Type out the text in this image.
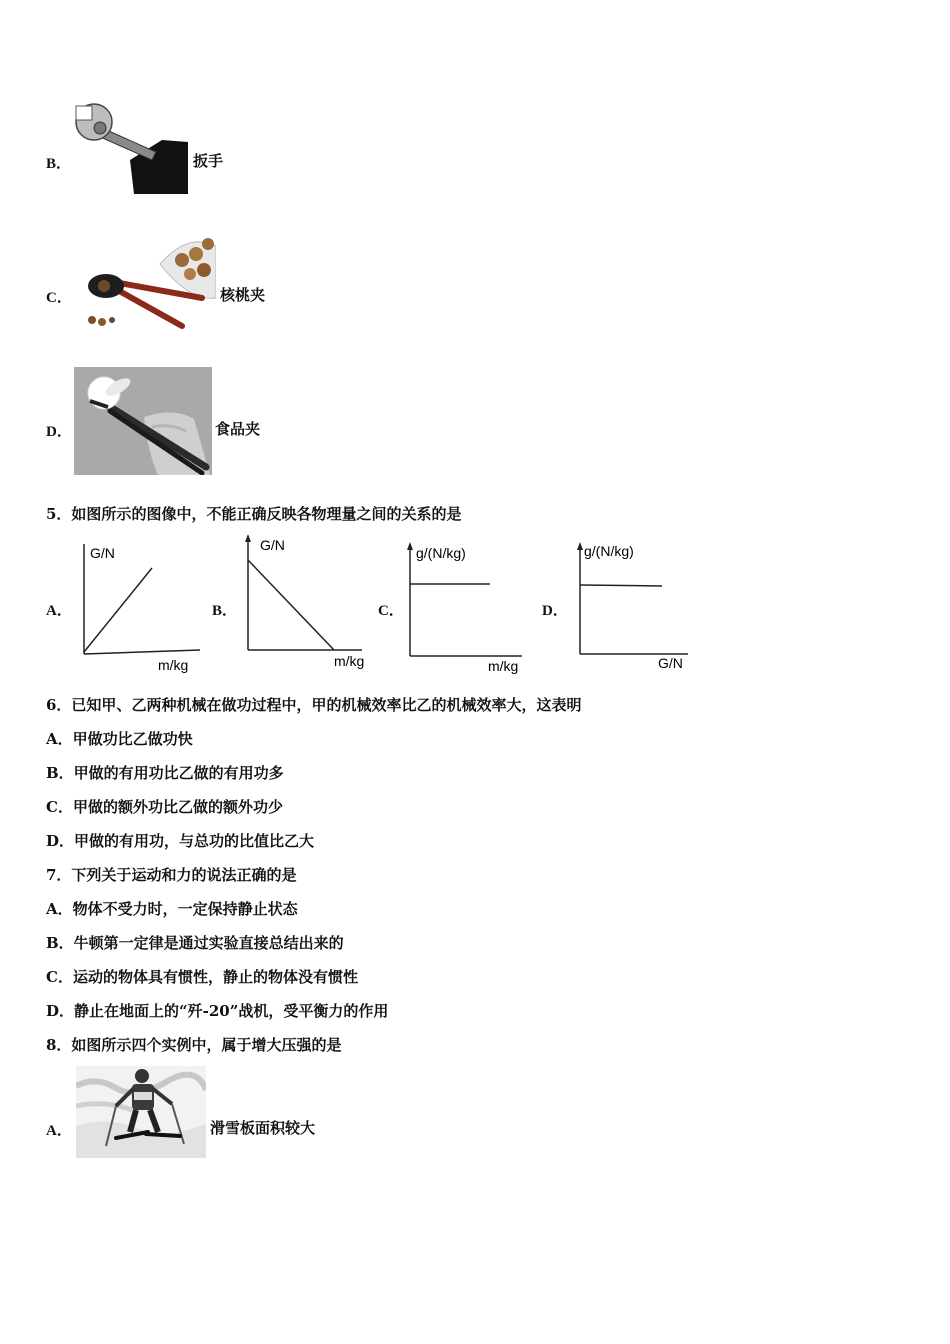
B．	扳手
C．	核桃夹
D．	食品夹
5．如图所示的图像中，不能正确反映各物理量之间的关系的是
A．
G/N
m/kg
B．
G/N
m/kg
C．
g/(N/kg)
m/kg
D．
g/(N/kg)
G/N
6．已知甲、乙两种机械在做功过程中，甲的机械效率比乙的机械效率大，这表明
A．甲做功比乙做功快
B．甲做的有用功比乙做的有用功多
C．甲做的额外功比乙做的额外功少
D．甲做的有用功，与总功的比值比乙大
7．下列关于运动和力的说法正确的是
A．物体不受力时，一定保持静止状态
B．牛顿第一定律是通过实验直接总结出来的
C．运动的物体具有惯性，静止的物体没有惯性
D．静止在地面上的“歼-20”战机，受平衡力的作用
8．如图所示四个实例中，属于增大压强的是
A．	滑雪板面积较大
